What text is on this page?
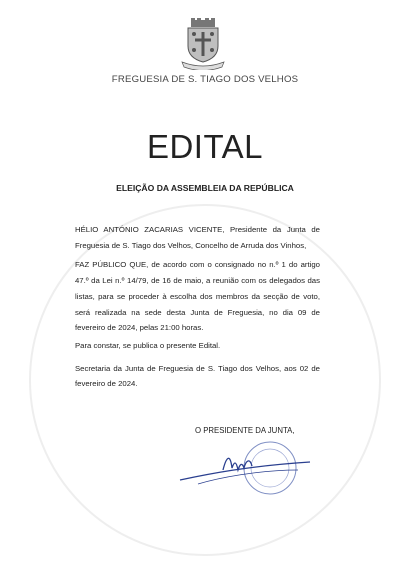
FREGUESIA DE S. TIAGO DOS VELHOS
EDITAL
ELEIÇÃO DA ASSEMBLEIA DA REPÚBLICA

HÉLIO ANTÓNIO ZACARIAS VICENTE, Presidente da Junta de Freguesia de S. Tiago dos Velhos, Concelho de Arruda dos Vinhos,

FAZ PÚBLICO QUE, de acordo com o consignado no n.º 1 do artigo 47.º da Lei n.º 14/79, de 16 de maio, a reunião com os delegados das listas, para se proceder à escolha dos membros da secção de voto, será realizada na sede desta Junta de Freguesia, no dia 09 de fevereiro de 2024, pelas 21:00 horas.

Para constar, se publica o presente Edital.

Secretaria da Junta de Freguesia de S. Tiago dos Velhos, aos 02 de fevereiro de 2024.

O PRESIDENTE DA JUNTA,
